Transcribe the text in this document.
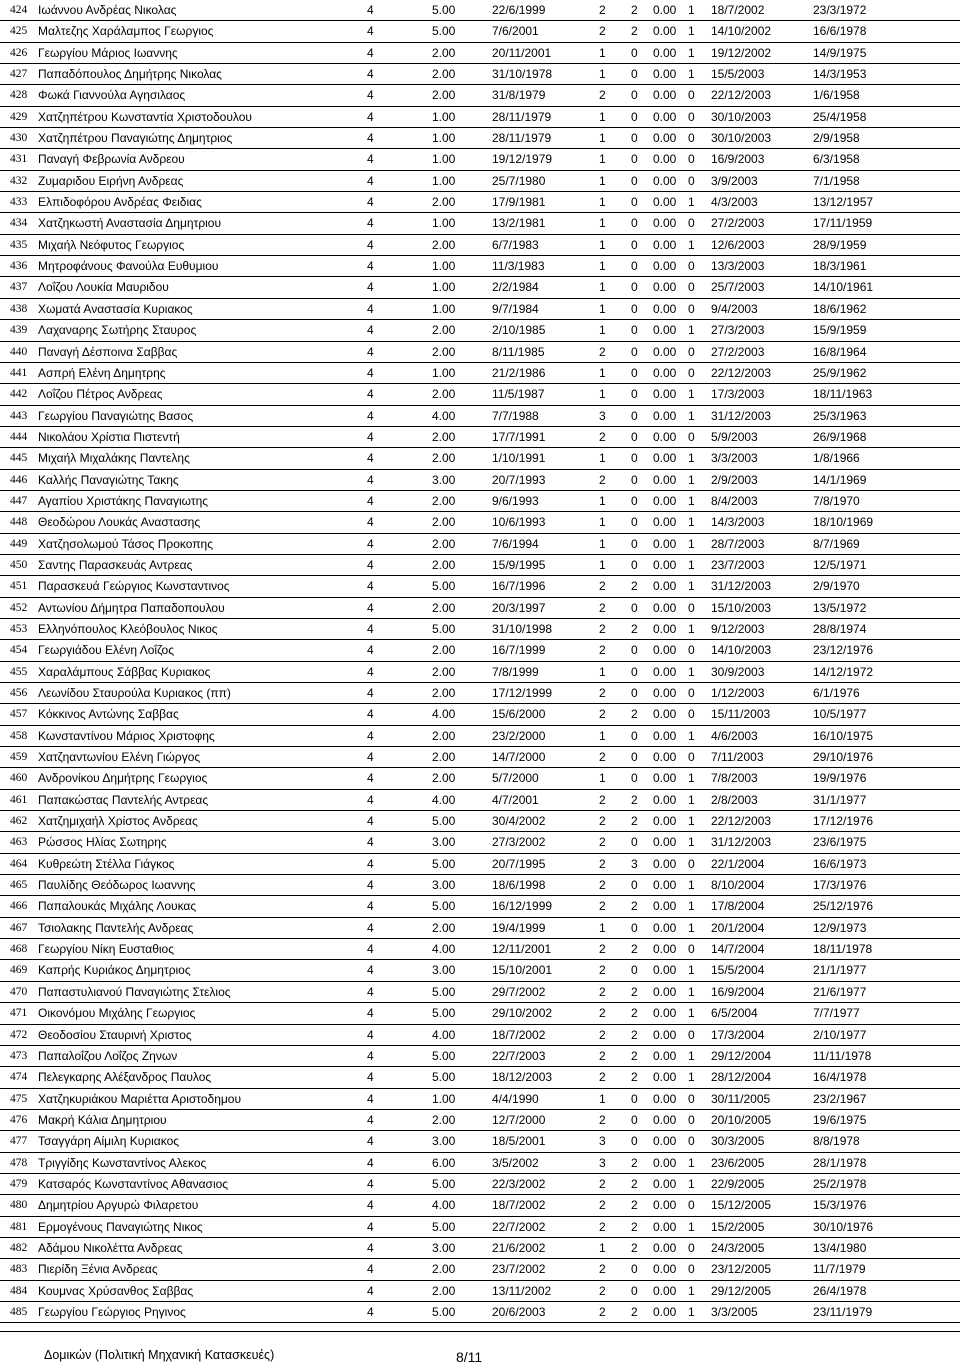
424 Ιωάννου Ανδρέας Νικολας	4	5.00	22/6/1999	2 2 0.00 1 18/7/2002	23/3/1972
425 Μαλτεζης Χαράλαμπος Γεωργιος	4	5.00	7/6/2001	2 2 0.00 1 14/10/2002	16/6/1978
426 Γεωργίου Μάριος Ιωαννης	4	2.00	20/11/2001	1 0 0.00 1 19/12/2002	14/9/1975
427 Παπαδόπουλος Δημήτρης Νικολας	4	2.00	31/10/1978	1 0 0.00 1 15/5/2003	14/3/1953
428 Φωκά Γιαννούλα Αγησιλαος	4	2.00	31/8/1979	2 0 0.00 0 22/12/2003	1/6/1958
429 Χατζηπέτρου Κωνσταντία Χριστοδουλου	4	1.00	28/11/1979	1 0 0.00 0 30/10/2003	25/4/1958
430 Χατζηπέτρου Παναγιώτης Δημητριος	4	1.00	28/11/1979	1 0 0.00 0 30/10/2003	2/9/1958
431 Παναγή Φεβρωνία Ανδρεου	4	1.00	19/12/1979	1 0 0.00 0 16/9/2003	6/3/1958
432 Ζυμαριδου Ειρήνη Ανδρεας	4	1.00	25/7/1980	1 0 0.00 0 3/9/2003	7/1/1958
433 Ελπιδοφόρου Ανδρέας Φειδιας	4	2.00	17/9/1981	1 0 0.00 1 4/3/2003	13/12/1957
434 Χατζηκωστή Αναστασία Δημητριου	4	1.00	13/2/1981	1 0 0.00 0 27/2/2003	17/11/1959
435 Μιχαήλ Νεόφυτος Γεωργιος	4	2.00	6/7/1983	1 0 0.00 1 12/6/2003	28/9/1959
436 Μητροφάνους Φανούλα Ευθυμιου	4	1.00	11/3/1983	1 0 0.00 0 13/3/2003	18/3/1961
437 Λοΐζου Λουκία Μαυριδου	4	1.00	2/2/1984	1 0 0.00 0 25/7/2003	14/10/1961
438 Χωματά Αναστασία Κυριακος	4	1.00	9/7/1984	1 0 0.00 0 9/4/2003	18/6/1962
439 Λαχαναρης Σωτήρης Σταυρος	4	2.00	2/10/1985	1 0 0.00 1 27/3/2003	15/9/1959
440 Παναγή Δέσποινα Σαββας	4	2.00	8/11/1985	2 0 0.00 0 27/2/2003	16/8/1964
441 Ασπρή Ελένη Δημητρης	4	1.00	21/2/1986	1 0 0.00 0 22/12/2003	25/9/1962
442 Λοΐζου Πέτρος Ανδρεας	4	2.00	11/5/1987	1 0 0.00 1 17/3/2003	18/11/1963
443 Γεωργίου Παναγιώτης Βασος	4	4.00	7/7/1988	3 0 0.00 1 31/12/2003	25/3/1963
444 Νικολάου Χρίστια Πιστεντή	4	2.00	17/7/1991	2 0 0.00 0 5/9/2003	26/9/1968
445 Μιχαήλ Μιχαλάκης Παντελης	4	2.00	1/10/1991	1 0 0.00 1 3/3/2003	1/8/1966
446 Καλλής Παναγιώτης Τακης	4	3.00	20/7/1993	2 0 0.00 1 2/9/2003	14/1/1969
447 Αγαπίου Χριστάκης Παναγιωτης	4	2.00	9/6/1993	1 0 0.00 1 8/4/2003	7/8/1970
448 Θεοδώρου Λουκάς Αναστασης	4	2.00	10/6/1993	1 0 0.00 1 14/3/2003	18/10/1969
449 Χατζησολωμού Τάσος Προκοπης	4	2.00	7/6/1994	1 0 0.00 1 28/7/2003	8/7/1969
450 Σαντης Παρασκευάς Αντρεας	4	2.00	15/9/1995	1 0 0.00 1 23/7/2003	12/5/1971
451 Παρασκευά Γεώργιος Κωνσταντινος	4	5.00	16/7/1996	2 2 0.00 1 31/12/2003	2/9/1970
452 Αντωνίου Δήμητρα Παπαδοπουλου	4	2.00	20/3/1997	2 0 0.00 0 15/10/2003	13/5/1972
453 Ελληνόπουλος Κλεόβουλος Νικος	4	5.00	31/10/1998	2 2 0.00 1 9/12/2003	28/8/1974
454 Γεωργιάδου Ελένη Λοΐζος	4	2.00	16/7/1999	2 0 0.00 0 14/10/2003	23/12/1976
455 Χαραλάμπους Σάββας Κυριακος	4	2.00	7/8/1999	1 0 0.00 1 30/9/2003	14/12/1972
456 Λεωνίδου Σταυρούλα Κυριακος (ππ)	4	2.00	17/12/1999	2 0 0.00 0 1/12/2003	6/1/1976
457 Κόκκινος Αντώνης Σαββας	4	4.00	15/6/2000	2 2 0.00 0 15/11/2003	10/5/1977
458 Κωνσταντίνου Μάριος Χριστοφης	4	2.00	23/2/2000	1 0 0.00 1 4/6/2003	16/10/1975
459 Χατζηαντωνίου Ελένη Γιώργος	4	2.00	14/7/2000	2 0 0.00 0 7/11/2003	29/10/1976
460 Ανδρονίκου Δημήτρης Γεωργιος	4	2.00	5/7/2000	1 0 0.00 1 7/8/2003	19/9/1976
461 Παπακώστας Παντελής Αντρεας	4	4.00	4/7/2001	2 2 0.00 1 2/8/2003	31/1/1977
462 Χατζημιχαήλ Χρίστος Ανδρεας	4	5.00	30/4/2002	2 2 0.00 1 22/12/2003	17/12/1976
463 Ρώσσος Ηλίας Σωτηρης	4	3.00	27/3/2002	2 0 0.00 1 31/12/2003	23/6/1975
464 Κυθρεώτη Στέλλα Γιάγκος	4	5.00	20/7/1995	2 3 0.00 0 22/1/2004	16/6/1973
465 Παυλίδης Θεόδωρος Ιωαννης	4	3.00	18/6/1998	2 0 0.00 1 8/10/2004	17/3/1976
466 Παπαλουκάς Μιχάλης Λουκας	4	5.00	16/12/1999	2 2 0.00 1 17/8/2004	25/12/1976
467 Τσιολακης Παντελής Ανδρεας	4	2.00	19/4/1999	1 0 0.00 1 20/1/2004	12/9/1973
468 Γεωργίου Νίκη Ευσταθιος	4	4.00	12/11/2001	2 2 0.00 0 14/7/2004	18/11/1978
469 Καπρής Κυριάκος Δημητριος	4	3.00	15/10/2001	2 0 0.00 1 15/5/2004	21/1/1977
470 Παπαστυλιανού Παναγιώτης Στελιος	4	5.00	29/7/2002	2 2 0.00 1 16/9/2004	21/6/1977
471 Οικονόμου Μιχάλης Γεωργιος	4	5.00	29/10/2002	2 2 0.00 1 6/5/2004	7/7/1977
472 Θεοδοσίου Σταυρινή Χριστος	4	4.00	18/7/2002	2 2 0.00 0 17/3/2004	2/10/1977
473 Παπαλοΐζου Λοΐζος Ζηνων	4	5.00	22/7/2003	2 2 0.00 1 29/12/2004	11/11/1978
474 Πελεγκαρης Αλέξανδρος Παυλος	4	5.00	18/12/2003	2 2 0.00 1 28/12/2004	16/4/1978
475 Χατζηκυριάκου Μαριέττα Αριστοδημου	4	1.00	4/4/1990	1 0 0.00 0 30/11/2005	23/2/1967
476 Μακρή Κάλια Δημητριου	4	2.00	12/7/2000	2 0 0.00 0 20/10/2005	19/6/1975
477 Τσαγγάρη Αίμιλη Κυριακος	4	3.00	18/5/2001	3 0 0.00 0 30/3/2005	8/8/1978
478 Τριγγίδης Κωνσταντίνος Αλεκος	4	6.00	3/5/2002	3 2 0.00 1 23/6/2005	28/1/1978
479 Κατσαρός Κωνσταντίνος Αθανασιος	4	5.00	22/3/2002	2 2 0.00 1 22/9/2005	25/2/1978
480 Δημητρίου Αργυρώ Φιλαρετου	4	4.00	18/7/2002	2 2 0.00 0 15/12/2005	15/3/1976
481 Ερμογένους Παναγιώτης Νικος	4	5.00	22/7/2002	2 2 0.00 1 15/2/2005	30/10/1976
482 Αδάμου Νικολέττα Ανδρεας	4	3.00	21/6/2002	1 2 0.00 0 24/3/2005	13/4/1980
483 Πιερίδη Ξένια Ανδρεας	4	2.00	23/7/2002	2 0 0.00 0 23/12/2005	11/7/1979
484 Κουμνας Χρύσανθος Σαββας	4	2.00	13/11/2002	2 0 0.00 1 29/12/2005	26/4/1978
485 Γεωργίου Γεώργιος Ρηγινος	4	5.00	20/6/2003	2 2 0.00 1 3/3/2005	23/11/1979
Δομικών (Πολιτική Μηχανική Κατασκευές)	8/11
